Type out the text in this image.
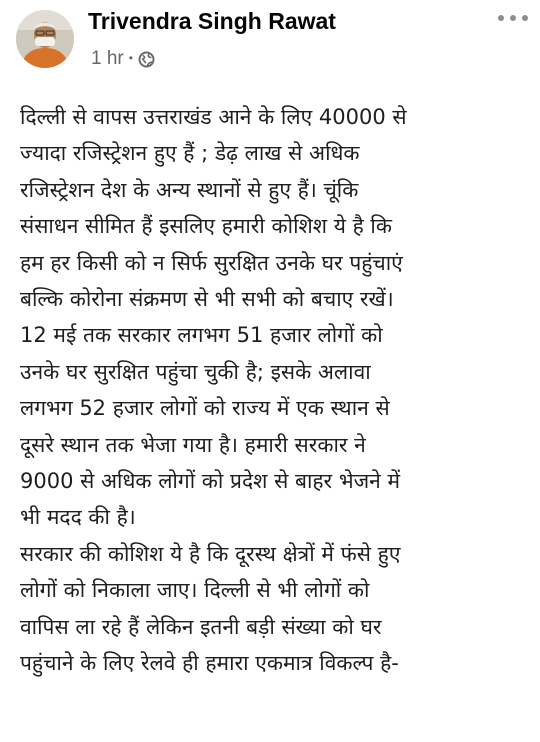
Trivendra Singh Rawat
1 hr •

दिल्ली से वापस उत्तराखंड आने के लिए 40000 से
ज्यादा रजिस्ट्रेशन हुए हैं ; डेढ़ लाख से अधिक
रजिस्ट्रेशन देश के अन्य स्थानों से हुए हैं। चूंकि
संसाधन सीमित हैं इसलिए हमारी कोशिश ये है कि
हम हर किसी को न सिर्फ सुरक्षित उनके घर पहुंचाएं
बल्कि कोरोना संक्रमण से भी सभी को बचाए रखें।
12 मई तक सरकार लगभग 51 हजार लोगों को
उनके घर सुरक्षित पहुंचा चुकी है; इसके अलावा
लगभग 52 हजार लोगों को राज्य में एक स्थान से
दूसरे स्थान तक भेजा गया है। हमारी सरकार ने
9000 से अधिक लोगों को प्रदेश से बाहर भेजने में
भी मदद की है।

सरकार की कोशिश ये है कि दूरस्थ क्षेत्रों में फंसे हुए
लोगों को निकाला जाए। दिल्ली से भी लोगों को
वापिस ला रहे हैं लेकिन इतनी बड़ी संख्या को घर
पहुंचाने के लिए रेलवे ही हमारा एकमात्र विकल्प है-
